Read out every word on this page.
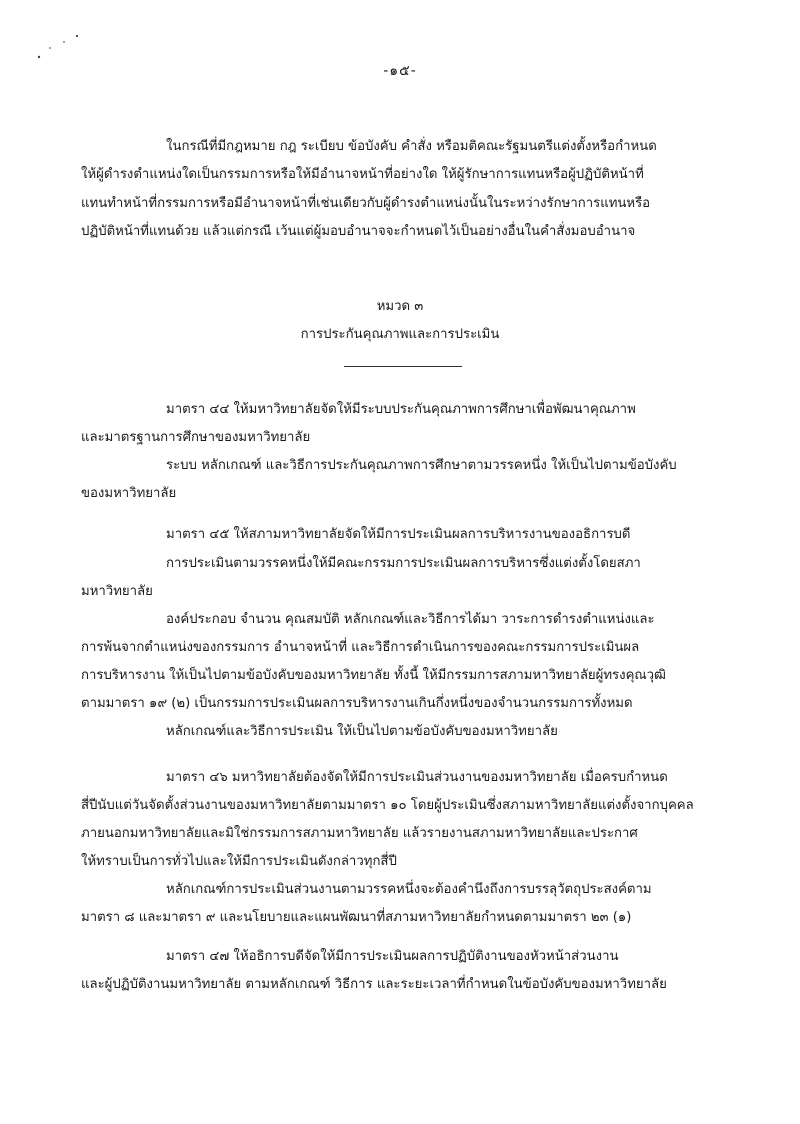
-๑๕-
ในกรณีที่มีกฎหมาย กฎ ระเบียบ ข้อบังคับ คำสั่ง หรือมติคณะรัฐมนตรีแต่งตั้งหรือกำหนด
ให้ผู้ดำรงตำแหน่งใดเป็นกรรมการหรือให้มีอำนาจหน้าที่อย่างใด ให้ผู้รักษาการแทนหรือผู้ปฏิบัติหน้าที่
แทนทำหน้าที่กรรมการหรือมีอำนาจหน้าที่เช่นเดียวกับผู้ดำรงตำแหน่งนั้นในระหว่างรักษาการแทนหรือ
ปฏิบัติหน้าที่แทนด้วย แล้วแต่กรณี เว้นแต่ผู้มอบอำนาจจะกำหนดไว้เป็นอย่างอื่นในคำสั่งมอบอำนาจ
หมวด ๓
การประกันคุณภาพและการประเมิน
มาตรา ๔๔ ให้มหาวิทยาลัยจัดให้มีระบบประกันคุณภาพการศึกษาเพื่อพัฒนาคุณภาพ
และมาตรฐานการศึกษาของมหาวิทยาลัย
ระบบ หลักเกณฑ์ และวิธีการประกันคุณภาพการศึกษาตามวรรคหนึ่ง ให้เป็นไปตามข้อบังคับ
ของมหาวิทยาลัย
มาตรา ๔๕ ให้สภามหาวิทยาลัยจัดให้มีการประเมินผลการบริหารงานของอธิการบดี
การประเมินตามวรรคหนึ่งให้มีคณะกรรมการประเมินผลการบริหารซึ่งแต่งตั้งโดยสภา
มหาวิทยาลัย
องค์ประกอบ จำนวน คุณสมบัติ หลักเกณฑ์และวิธีการได้มา วาระการดำรงตำแหน่งและ
การพ้นจากตำแหน่งของกรรมการ อำนาจหน้าที่ และวิธีการดำเนินการของคณะกรรมการประเมินผล
การบริหารงาน ให้เป็นไปตามข้อบังคับของมหาวิทยาลัย ทั้งนี้ ให้มีกรรมการสภามหาวิทยาลัยผู้ทรงคุณวุฒิ
ตามมาตรา ๑๙ (๒) เป็นกรรมการประเมินผลการบริหารงานเกินกึ่งหนึ่งของจำนวนกรรมการทั้งหมด
หลักเกณฑ์และวิธีการประเมิน ให้เป็นไปตามข้อบังคับของมหาวิทยาลัย
มาตรา ๔๖ มหาวิทยาลัยต้องจัดให้มีการประเมินส่วนงานของมหาวิทยาลัย เมื่อครบกำหนด
สี่ปีนับแต่วันจัดตั้งส่วนงานของมหาวิทยาลัยตามมาตรา ๑๐ โดยผู้ประเมินซึ่งสภามหาวิทยาลัยแต่งตั้งจากบุคคล
ภายนอกมหาวิทยาลัยและมิใช่กรรมการสภามหาวิทยาลัย แล้วรายงานสภามหาวิทยาลัยและประกาศ
ให้ทราบเป็นการทั่วไปและให้มีการประเมินดังกล่าวทุกสี่ปี
หลักเกณฑ์การประเมินส่วนงานตามวรรคหนึ่งจะต้องคำนึงถึงการบรรลุวัตถุประสงค์ตาม
มาตรา ๘ และมาตรา ๙ และนโยบายและแผนพัฒนาที่สภามหาวิทยาลัยกำหนดตามมาตรา ๒๓ (๑)
มาตรา ๔๗ ให้อธิการบดีจัดให้มีการประเมินผลการปฏิบัติงานของหัวหน้าส่วนงาน
และผู้ปฏิบัติงานมหาวิทยาลัย ตามหลักเกณฑ์ วิธีการ และระยะเวลาที่กำหนดในข้อบังคับของมหาวิทยาลัย
